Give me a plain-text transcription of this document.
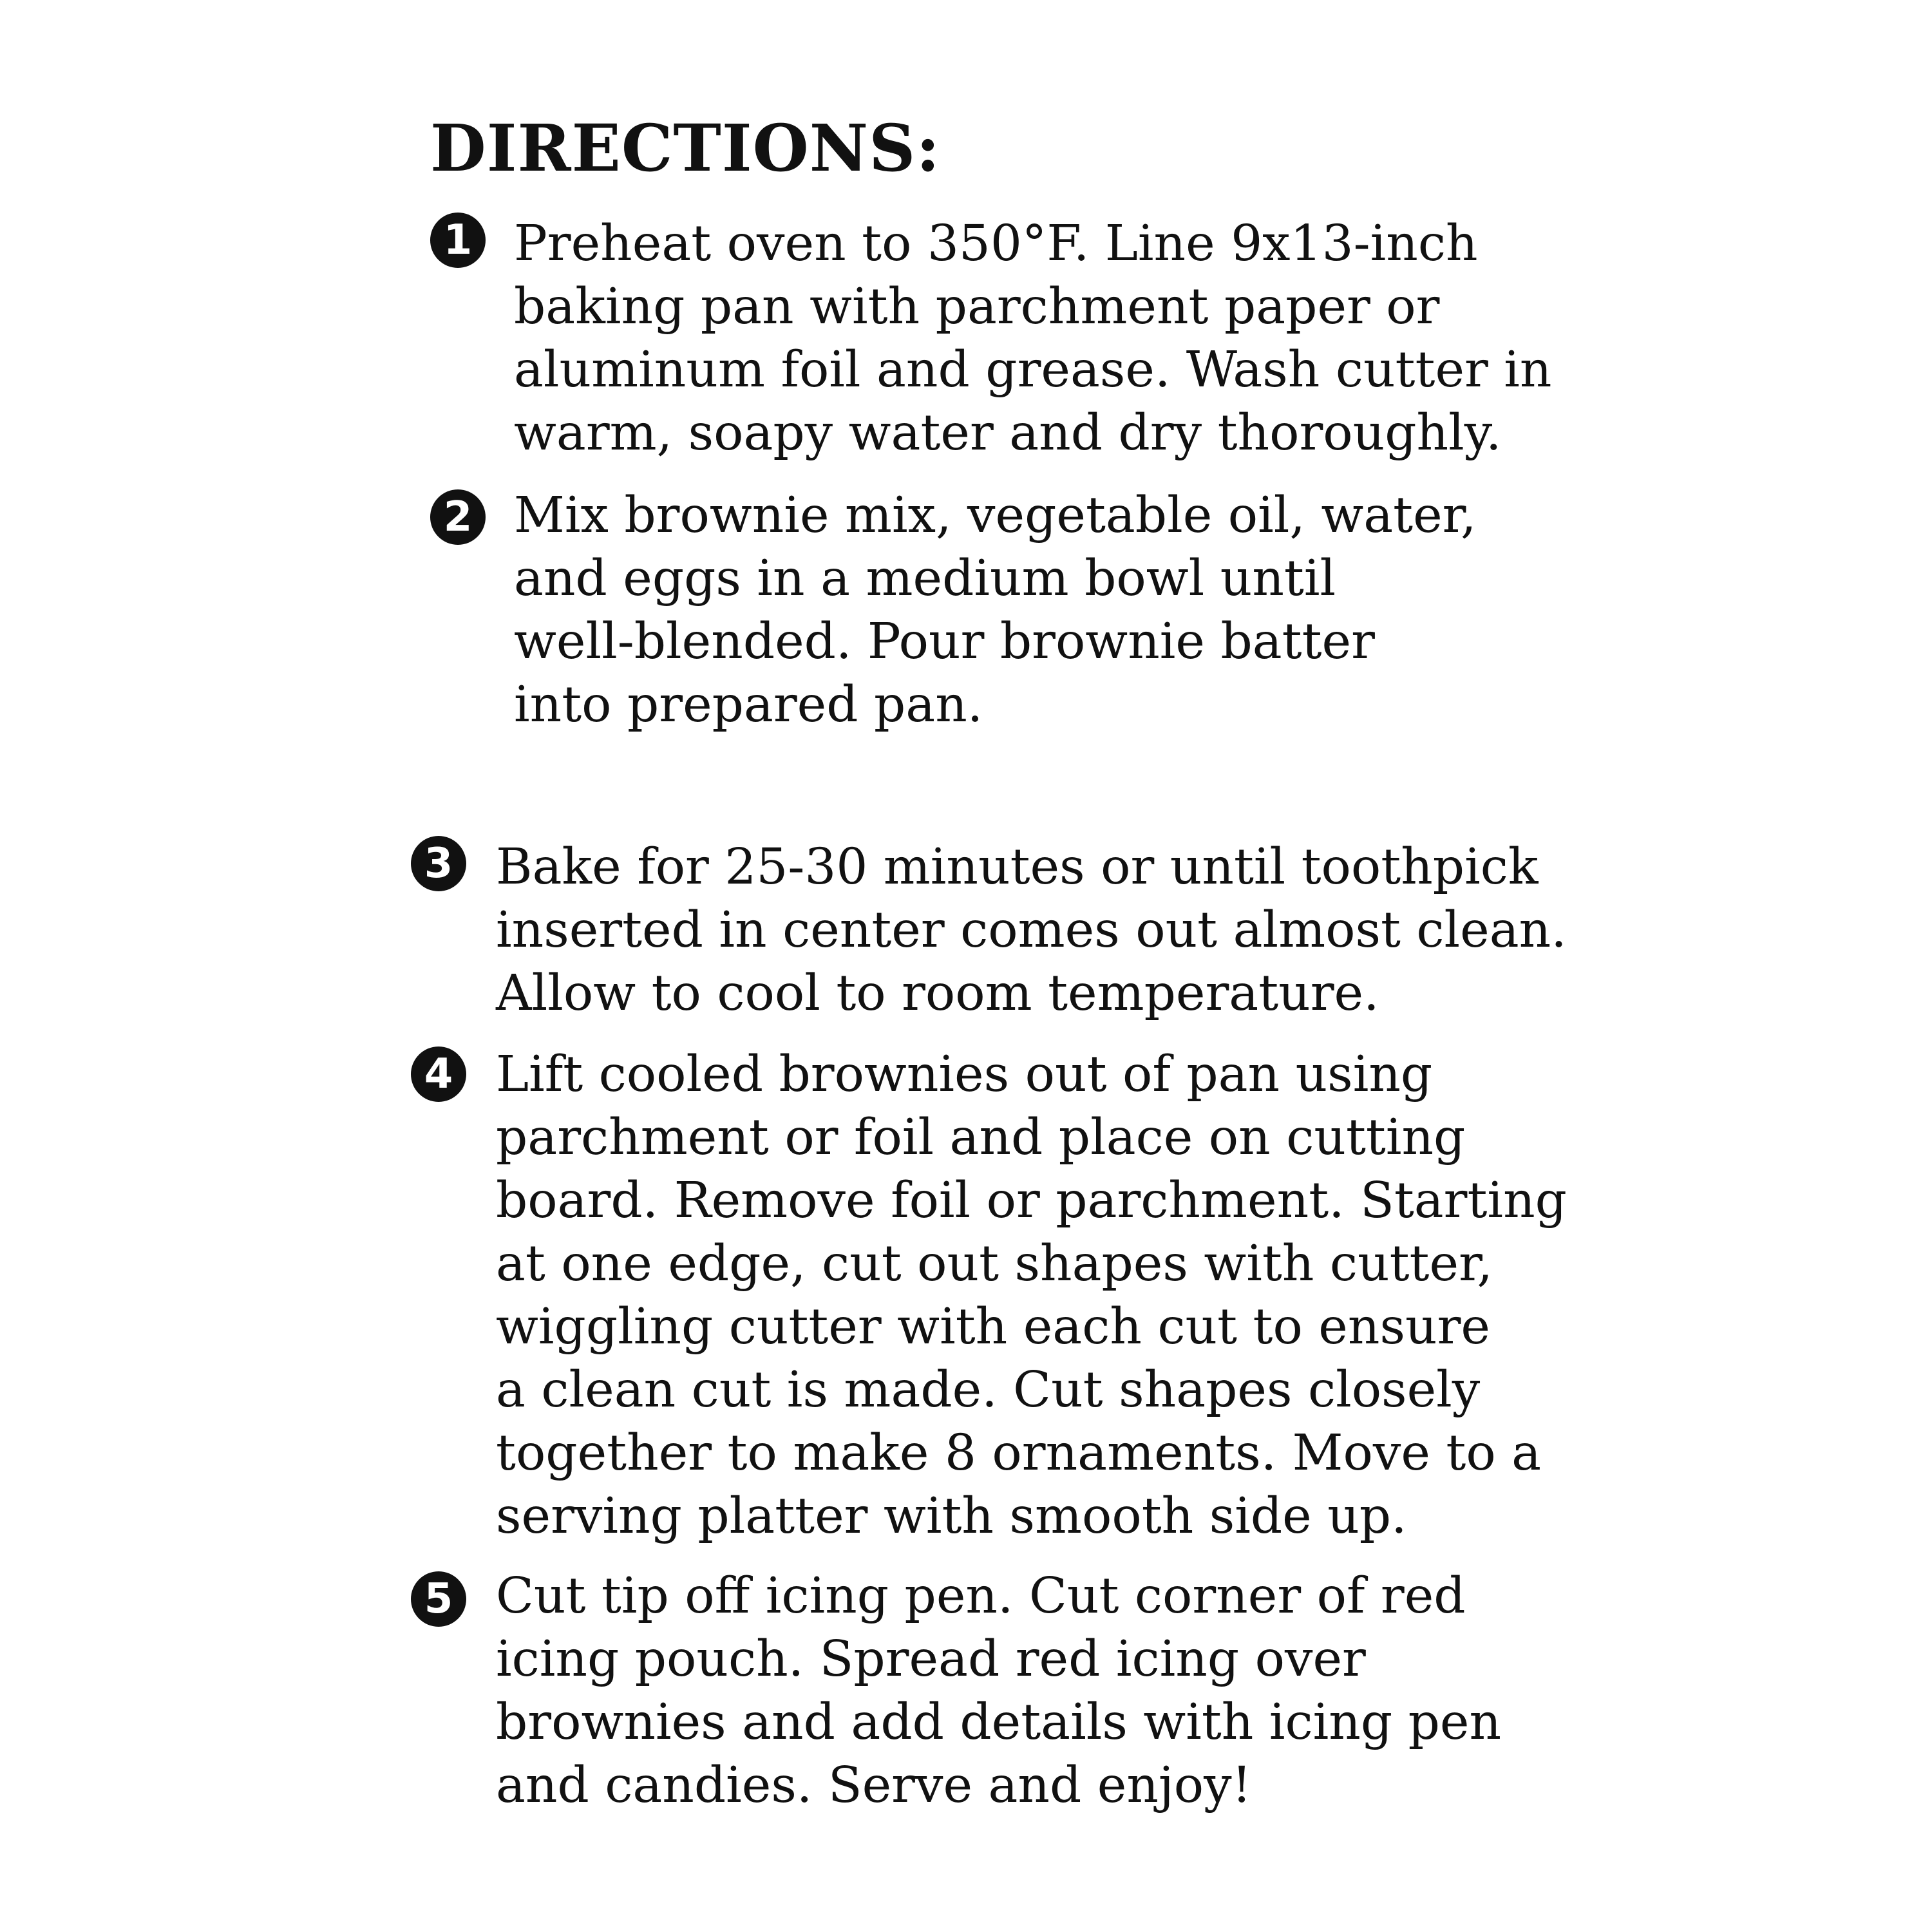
DIRECTIONS:
1 Preheat oven to 350°F. Line 9x13-inch
baking pan with parchment paper or
aluminum foil and grease. Wash cutter in
warm, soapy water and dry thoroughly.

2 Mix brownie mix, vegetable oil, water,
and eggs in a medium bowl until
well-blended. Pour brownie batter
into prepared pan.

3 Bake for 25-30 minutes or until toothpick
inserted in center comes out almost clean.
Allow to cool to room temperature.

4 Lift cooled brownies out of pan using
parchment or foil and place on cutting
board. Remove foil or parchment. Starting
at one edge, cut out shapes with cutter,
wiggling cutter with each cut to ensure
a clean cut is made. Cut shapes closely
together to make 8 ornaments. Move to a
serving platter with smooth side up.

5 Cut tip off icing pen. Cut corner of red
icing pouch. Spread red icing over
brownies and add details with icing pen
and candies. Serve and enjoy!
